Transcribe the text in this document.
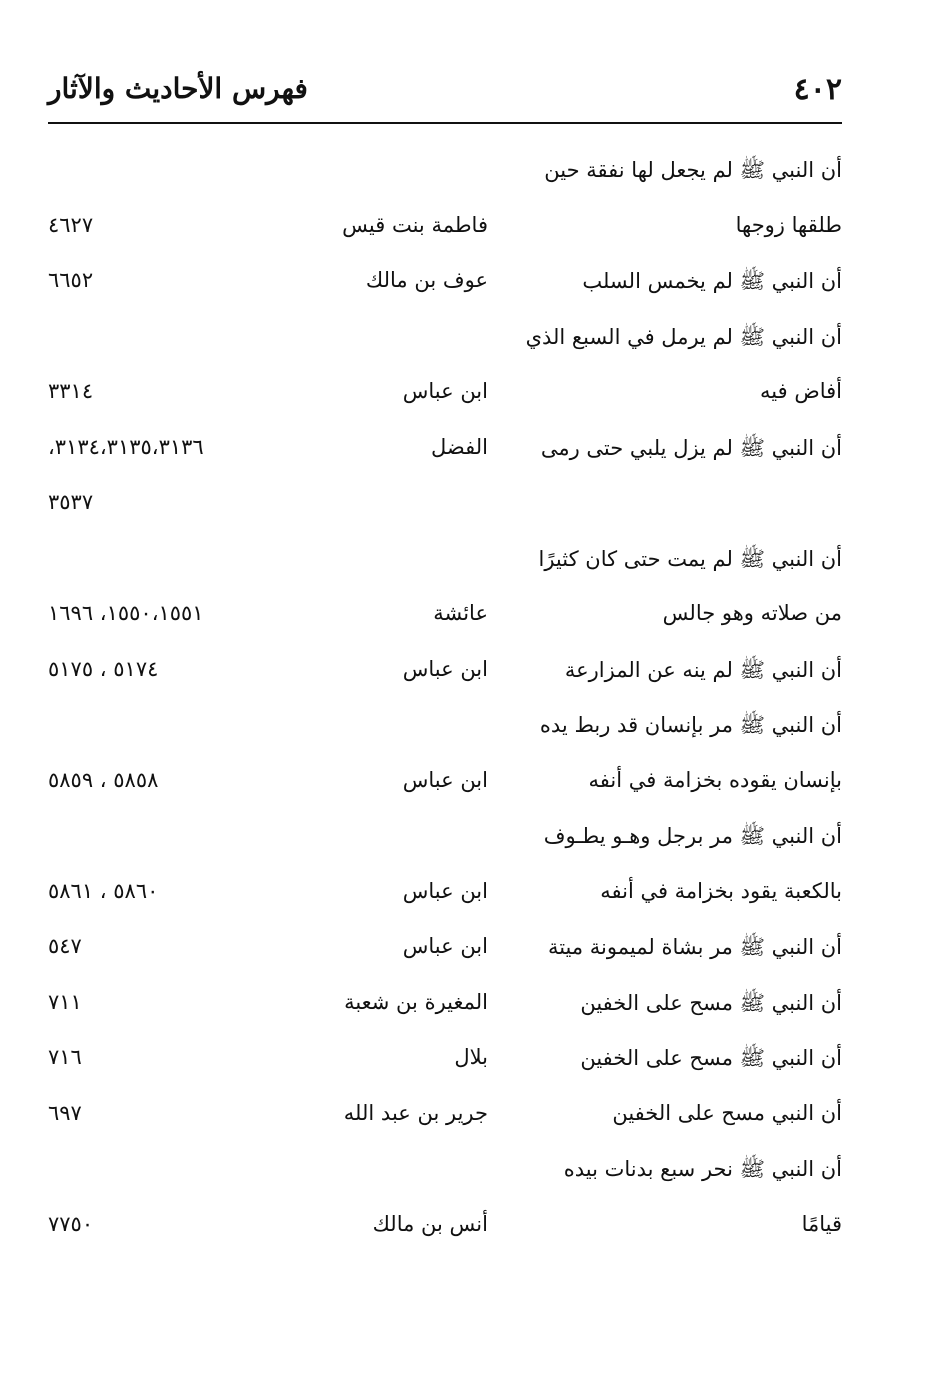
٤٠٢
فهرس الأحاديث والآثار
أن النبي ﷺ لم يجعل لها نفقة حين
طلقها زوجها
فاطمة بنت قيس
٤٦٢٧
أن النبي ﷺ لم يخمس السلب
عوف بن مالك
٦٦٥٢
أن النبي ﷺ لم يرمل في السبع الذي
أفاض فيه
ابن عباس
٣٣١٤
أن النبي ﷺ لم يزل يلبي حتى رمى
الفضل
٣١٣٤،٣١٣٥،٣١٣٦،
٣٥٣٧
أن النبي ﷺ لم يمت حتى كان كثيرًا
من صلاته وهو جالس
عائشة
١٥٥٠،١٥٥١، ١٦٩٦
أن النبي ﷺ لم ينه عن المزارعة
ابن عباس
٥١٧٤ ، ٥١٧٥
أن النبي ﷺ مر بإنسان قد ربط يده
بإنسان يقوده بخزامة في أنفه
ابن عباس
٥٨٥٨ ، ٥٨٥٩
أن النبي ﷺ مر برجل وهـو يطـوف
بالكعبة يقود بخزامة في أنفه
ابن عباس
٥٨٦٠ ، ٥٨٦١
أن النبي ﷺ مر بشاة لميمونة ميتة
ابن عباس
٥٤٧
أن النبي ﷺ مسح على الخفين
المغيرة بن شعبة
٧١١
أن النبي ﷺ مسح على الخفين
بلال
٧١٦
أن النبي مسح على الخفين
جرير بن عبد الله
٦٩٧
أن النبي ﷺ نحر سبع بدنات بيده
قيامًا
أنس بن مالك
٧٧٥٠
